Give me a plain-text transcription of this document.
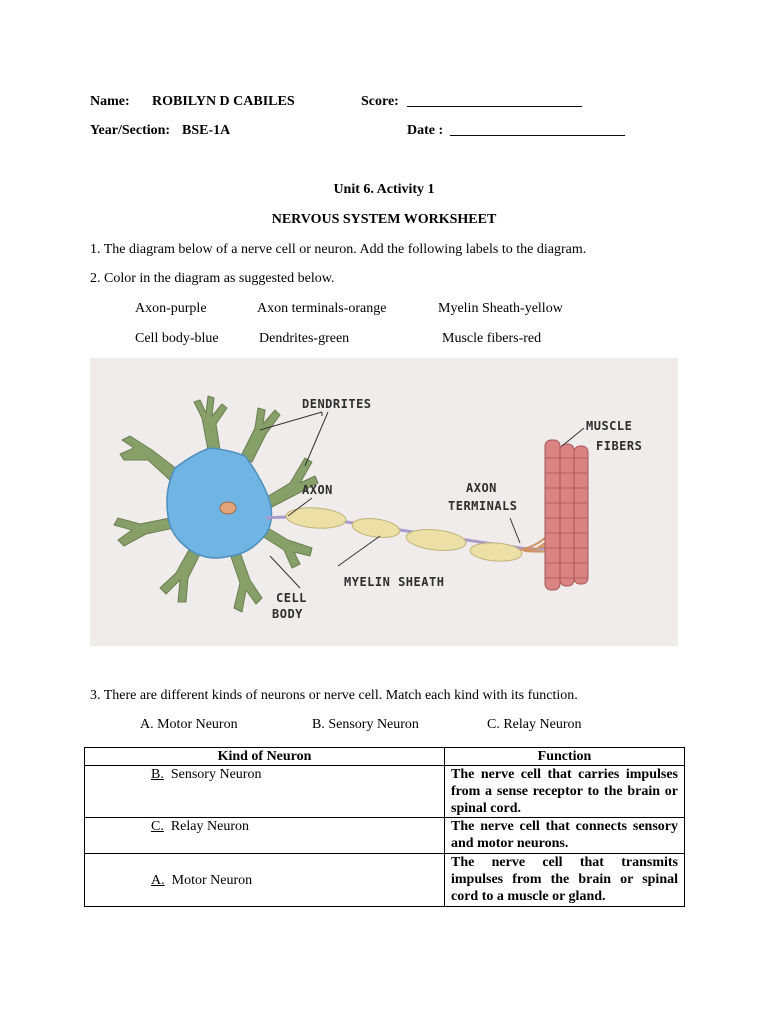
Name: ROBILYN D CABILES	Score: _________________________
Year/Section: BSE-1A	Date : _________________________
Unit 6. Activity 1
NERVOUS SYSTEM WORKSHEET
1. The diagram below of a nerve cell or neuron. Add the following labels to the diagram.
2. Color in the diagram as suggested below.
Axon-purple	Axon terminals-orange	Myelin Sheath-yellow
Cell body-blue	Dendrites-green	Muscle fibers-red
DENDRITES
AXON	AXON
TERMINALS
MUSCLE
FIBERS
MYELIN SHEATH
CELL
BODY
3. There are different kinds of neurons or nerve cell. Match each kind with its function.
A. Motor Neuron	B. Sensory Neuron	C. Relay Neuron
Kind of Neuron	Function
B. Sensory Neuron	The nerve cell that carries impulses from a sense receptor to the brain or spinal cord.
C. Relay Neuron	The nerve cell that connects sensory and motor neurons.
A. Motor Neuron	The nerve cell that transmits impulses from the brain or spinal cord to a muscle or gland.
